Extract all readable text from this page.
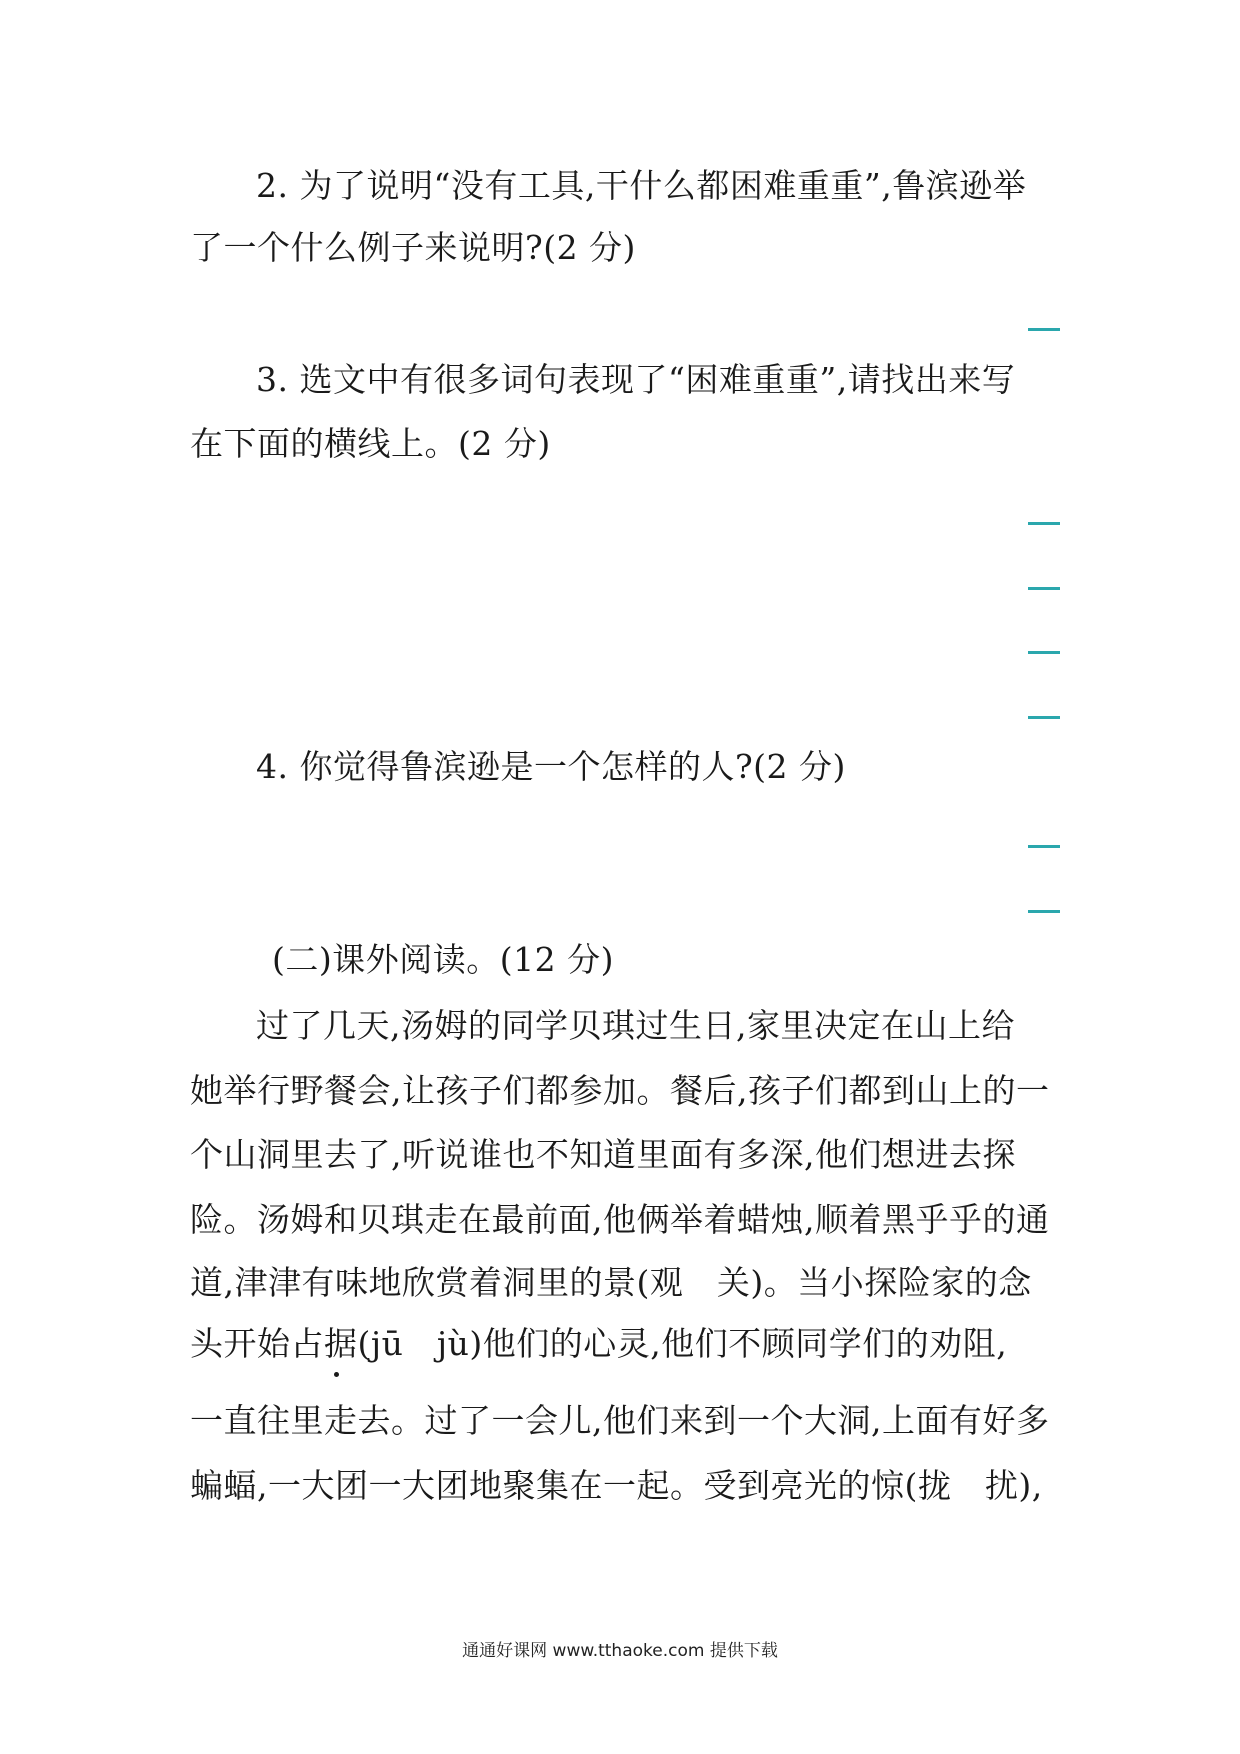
2. 为了说明“没有工具,干什么都困难重重”,鲁滨逊举
了一个什么例子来说明?(2 分)
3. 选文中有很多词句表现了“困难重重”,请找出来写
在下面的横线上。(2 分)
4. 你觉得鲁滨逊是一个怎样的人?(2 分)
(二)课外阅读。(12 分)
过了几天,汤姆的同学贝琪过生日,家里决定在山上给
她举行野餐会,让孩子们都参加。餐后,孩子们都到山上的一
个山洞里去了,听说谁也不知道里面有多深,他们想进去探
险。汤姆和贝琪走在最前面,他俩举着蜡烛,顺着黑乎乎的通
道,津津有味地欣赏着洞里的景(观　关)。当小探险家的念
头开始占据(jū　jù)他们的心灵,他们不顾同学们的劝阻,
一直往里走去。过了一会儿,他们来到一个大洞,上面有好多
蝙蝠,一大团一大团地聚集在一起。受到亮光的惊(拢　扰),
通通好课网 www.tthaoke.com 提供下载
